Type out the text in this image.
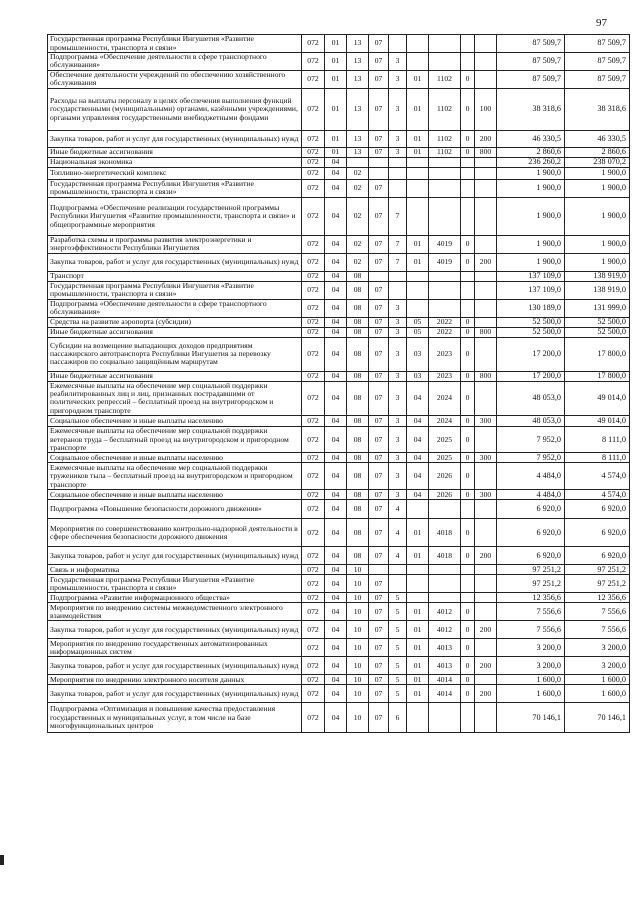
97
Государственная программа Республики Ингушетия «Развитие промышленности, транспорта и связи»	072	01	13	07						87 509,7	87 509,7
Подпрограмма «Обеспечение деятельности в сфере транспортного обслуживания»	072	01	13	07	3					87 509,7	87 509,7
Обеспечение деятельности учреждений по обеспечению хозяйственного обслуживания	072	01	13	07	3	01	1102	0		87 509,7	87 509,7
Расходы на выплаты персоналу в целях обеспечения выполнения функций государственными (муниципальными) органами, казёнными учреждениями, органами управления государственными внебюджетными фондами	072	01	13	07	3	01	1102	0	100	38 318,6	38 318,6
Закупка товаров, работ и услуг для государственных (муниципальных) нужд	072	01	13	07	3	01	1102	0	200	46 330,5	46 330,5
Иные бюджетные ассигнования	072	01	13	07	3	01	1102	0	800	2 860,6	2 860,6
Национальная экономика	072	04								236 260,2	238 070,2
Топливно-энергетический комплекс	072	04	02							1 900,0	1 900,0
Государственная программа Республики Ингушетия «Развитие промышленности, транспорта и связи»	072	04	02	07						1 900,0	1 900,0
Подпрограмма «Обеспечение реализации государственной программы Республики Ингушетия «Развитие промышленности, транспорта и связи» и общепрограммные мероприятия	072	04	02	07	7					1 900,0	1 900,0
Разработка схемы и программы развития электроэнергетики и энергоэффективности Республики Ингушетия	072	04	02	07	7	01	4019	0		1 900,0	1 900,0
Закупка товаров, работ и услуг для государственных (муниципальных) нужд	072	04	02	07	7	01	4019	0	200	1 900,0	1 900,0
Транспорт	072	04	08							137 109,0	138 919,0
Государственная программа Республики Ингушетия «Развитие промышленности, транспорта и связи»	072	04	08	07						137 109,0	138 919,0
Подпрограмма «Обеспечение деятельности в сфере транспортного обслуживания»	072	04	08	07	3					130 189,0	131 999,0
Средства на развитие аэропорта (субсидии)	072	04	08	07	3	05	2022	0		52 500,0	52 500,0
Иные бюджетные ассигнования	072	04	08	07	3	05	2022	0	800	52 500,0	52 500,0
Субсидии на возмещение выпадающих доходов предприятиям пассажирского автотранспорта Республики Ингушетия за перевозку пассажиров по социально защищённым маршрутам	072	04	08	07	3	03	2023	0		17 200,0	17 800,0
Иные бюджетные ассигнования	072	04	08	07	3	03	2023	0	800	17 200,0	17 800,0
Ежемесячные выплаты на обеспечение мер социальной поддержки реабилитированных лиц и лиц, признанных пострадавшими от политических репрессий – бесплатный проезд на внутригородском и пригородном транспорте	072	04	08	07	3	04	2024	0		48 053,0	49 014,0
Социальное обеспечение и иные выплаты населению	072	04	08	07	3	04	2024	0	300	48 053,0	49 014,0
Ежемесячные выплаты на обеспечение мер социальной поддержки ветеранов труда – бесплатный проезд на внутригородском и пригородном транспорте	072	04	08	07	3	04	2025	0		7 952,0	8 111,0
Социальное обеспечение и иные выплаты населению	072	04	08	07	3	04	2025	0	300	7 952,0	8 111,0
Ежемесячные выплаты на обеспечение мер социальной поддержки тружеников тыла – бесплатный проезд на внутригородском и пригородном транспорте	072	04	08	07	3	04	2026	0		4 484,0	4 574,0
Социальное обеспечение и иные выплаты населению	072	04	08	07	3	04	2026	0	300	4 484,0	4 574,0
Подпрограмма «Повышение безопасности дорожного движения»	072	04	08	07	4					6 920,0	6 920,0
Мероприятия по совершенствованию контрольно-надзорной деятельности в сфере обеспечения безопасности дорожного движения	072	04	08	07	4	01	4018	0		6 920,0	6 920,0
Закупка товаров, работ и услуг для государственных (муниципальных) нужд	072	04	08	07	4	01	4018	0	200	6 920,0	6 920,0
Связь и информатика	072	04	10							97 251,2	97 251,2
Государственная программа Республики Ингушетия «Развитие промышленности, транспорта и связи»	072	04	10	07						97 251,2	97 251,2
Подпрограмма «Развитие информационного общества»	072	04	10	07	5					12 356,6	12 356,6
Мероприятия по внедрению системы межведомственного электронного взаимодействия	072	04	10	07	5	01	4012	0		7 556,6	7 556,6
Закупка товаров, работ и услуг для государственных (муниципальных) нужд	072	04	10	07	5	01	4012	0	200	7 556,6	7 556,6
Мероприятия по внедрению государственных автоматизированных информационных систем	072	04	10	07	5	01	4013	0		3 200,0	3 200,0
Закупка товаров, работ и услуг для государственных (муниципальных) нужд	072	04	10	07	5	01	4013	0	200	3 200,0	3 200,0
Мероприятия по внедрению электронного носителя данных	072	04	10	07	5	01	4014	0		1 600,0	1 600,0
Закупка товаров, работ и услуг для государственных (муниципальных) нужд	072	04	10	07	5	01	4014	0	200	1 600,0	1 600,0
Подпрограмма «Оптимизация и повышение качества предоставления государственных и муниципальных услуг, в том числе на базе многофункциональных центров	072	04	10	07	6					70 146,1	70 146,1
